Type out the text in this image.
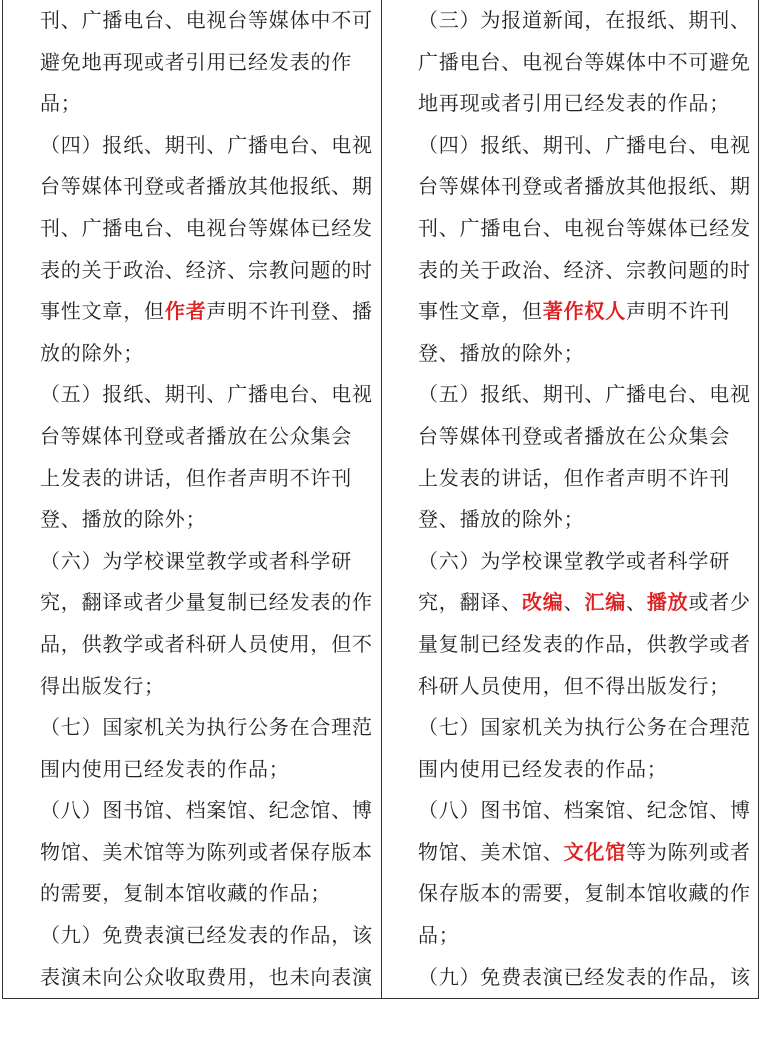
刊、广播电台、电视台等媒体中不可

避免地再现或者引用已经发表的作

品；

（四）报纸、期刊、广播电台、电视

台等媒体刊登或者播放其他报纸、期

刊、广播电台、电视台等媒体已经发

表的关于政治、经济、宗教问题的时

事性文章，但作者声明不许刊登、播

放的除外；

（五）报纸、期刊、广播电台、电视

台等媒体刊登或者播放在公众集会

上发表的讲话，但作者声明不许刊

登、播放的除外；

（六）为学校课堂教学或者科学研

究，翻译或者少量复制已经发表的作

品，供教学或者科研人员使用，但不

得出版发行；

（七）国家机关为执行公务在合理范

围内使用已经发表的作品；

（八）图书馆、档案馆、纪念馆、博

物馆、美术馆等为陈列或者保存版本

的需要，复制本馆收藏的作品；

（九）免费表演已经发表的作品，该

表演未向公众收取费用，也未向表演

（三）为报道新闻，在报纸、期刊、

广播电台、电视台等媒体中不可避免

地再现或者引用已经发表的作品；

（四）报纸、期刊、广播电台、电视

台等媒体刊登或者播放其他报纸、期

刊、广播电台、电视台等媒体已经发

表的关于政治、经济、宗教问题的时

事性文章，但著作权人声明不许刊

登、播放的除外；

（五）报纸、期刊、广播电台、电视

台等媒体刊登或者播放在公众集会

上发表的讲话，但作者声明不许刊

登、播放的除外；

（六）为学校课堂教学或者科学研

究，翻译、改编、汇编、播放或者少

量复制已经发表的作品，供教学或者

科研人员使用，但不得出版发行；

（七）国家机关为执行公务在合理范

围内使用已经发表的作品；

（八）图书馆、档案馆、纪念馆、博

物馆、美术馆、文化馆等为陈列或者

保存版本的需要，复制本馆收藏的作

品；

（九）免费表演已经发表的作品，该
